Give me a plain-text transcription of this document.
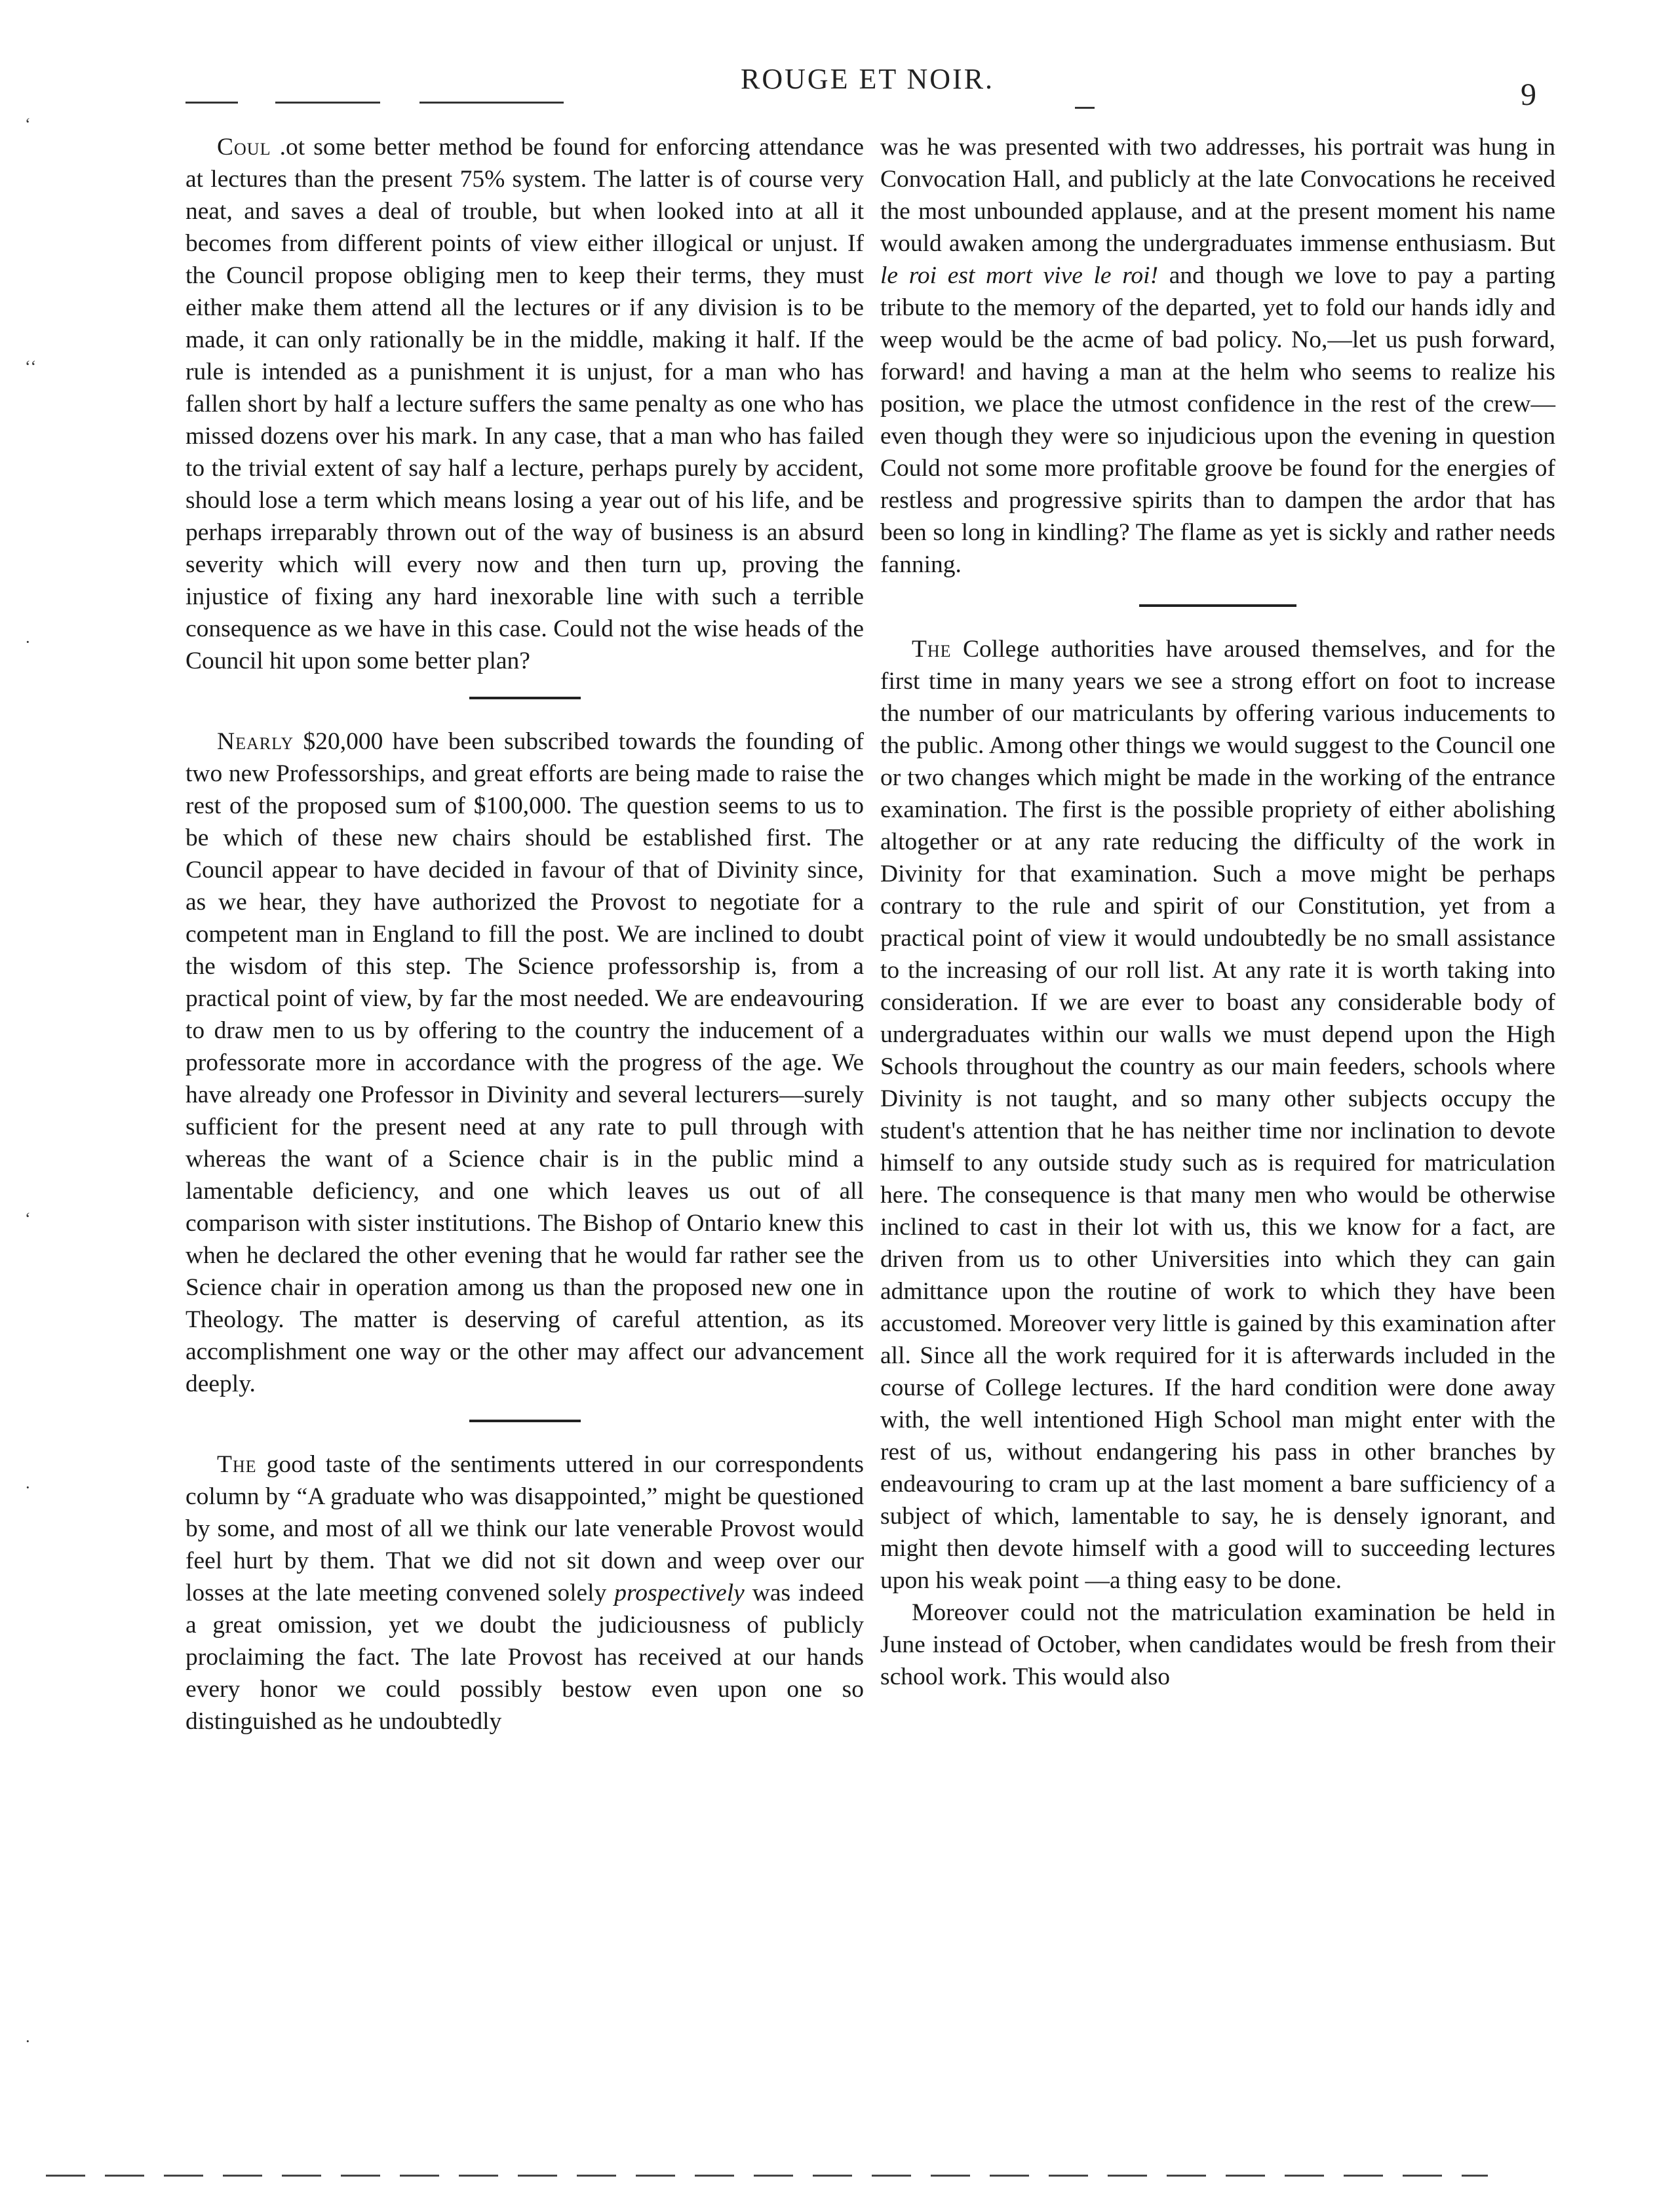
ROUGE ET NOIR.	9

Coul .ot some better method be found for enforcing attendance at lectures than the present 75% system. The latter is of course very neat, and saves a deal of trouble, but when looked into at all it becomes from different points of view either illogical or unjust. If the Council propose obliging men to keep their terms, they must either make them attend all the lectures or if any division is to be made, it can only rationally be in the middle, making it half. If the rule is intended as a punishment it is unjust, for a man who has fallen short by half a lecture suffers the same penalty as one who has missed dozens over his mark. In any case, that a man who has failed to the trivial extent of say half a lecture, perhaps purely by accident, should lose a term which means losing a year out of his life, and be perhaps irreparably thrown out of the way of business is an absurd severity which will every now and then turn up, proving the injustice of fixing any hard inexorable line with such a terrible consequence as we have in this case. Could not the wise heads of the Council hit upon some better plan?

Nearly $20,000 have been subscribed towards the founding of two new Professorships, and great efforts are being made to raise the rest of the proposed sum of $100,000. The question seems to us to be which of these new chairs should be established first. The Council appear to have decided in favour of that of Divinity since, as we hear, they have authorized the Provost to negotiate for a competent man in England to fill the post. We are inclined to doubt the wisdom of this step. The Science professorship is, from a practical point of view, by far the most needed. We are endeavouring to draw men to us by offering to the country the inducement of a professorate more in accordance with the progress of the age. We have already one Professor in Divinity and several lecturers—surely sufficient for the present need at any rate to pull through with whereas the want of a Science chair is in the public mind a lamentable deficiency, and one which leaves us out of all comparison with sister institutions. The Bishop of Ontario knew this when he declared the other evening that he would far rather see the Science chair in operation among us than the proposed new one in Theology. The matter is deserving of careful attention, as its accomplishment one way or the other may affect our advancement deeply.

The good taste of the sentiments uttered in our correspondents column by “A graduate who was disappointed,” might be questioned by some, and most of all we think our late venerable Provost would feel hurt by them. That we did not sit down and weep over our losses at the late meeting convened solely prospectively was indeed a great omission, yet we doubt the judiciousness of publicly proclaiming the fact. The late Provost has received at our hands every honor we could possibly bestow even upon one so distinguished as he undoubtedly

was he was presented with two addresses, his portrait was hung in Convocation Hall, and publicly at the late Convocations he received the most unbounded applause, and at the present moment his name would awaken among the undergraduates immense enthusiasm. But le roi est mort vive le roi! and though we love to pay a parting tribute to the memory of the departed, yet to fold our hands idly and weep would be the acme of bad policy. No,—let us push forward, forward! and having a man at the helm who seems to realize his position, we place the utmost confidence in the rest of the crew—even though they were so injudicious upon the evening in question Could not some more profitable groove be found for the energies of restless and progressive spirits than to dampen the ardor that has been so long in kindling? The flame as yet is sickly and rather needs fanning.

The College authorities have aroused themselves, and for the first time in many years we see a strong effort on foot to increase the number of our matriculants by offering various inducements to the public. Among other things we would suggest to the Council one or two changes which might be made in the working of the entrance examination. The first is the possible propriety of either abolishing altogether or at any rate reducing the difficulty of the work in Divinity for that examination. Such a move might be perhaps contrary to the rule and spirit of our Constitution, yet from a practical point of view it would undoubtedly be no small assistance to the increasing of our roll list. At any rate it is worth taking into consideration. If we are ever to boast any considerable body of undergraduates within our walls we must depend upon the High Schools throughout the country as our main feeders, schools where Divinity is not taught, and so many other subjects occupy the student's attention that he has neither time nor inclination to devote himself to any outside study such as is required for matriculation here. The consequence is that many men who would be otherwise inclined to cast in their lot with us, this we know for a fact, are driven from us to other Universities into which they can gain admittance upon the routine of work to which they have been accustomed. Moreover very little is gained by this examination after all. Since all the work required for it is afterwards included in the course of College lectures. If the hard condition were done away with, the well intentioned High School man might enter with the rest of us, without endangering his pass in other branches by endeavouring to cram up at the last moment a bare sufficiency of a subject of which, lamentable to say, he is densely ignorant, and might then devote himself with a good will to succeeding lectures upon his weak point —a thing easy to be done.

Moreover could not the matriculation examination be held in June instead of October, when candidates would be fresh from their school work. This would also

‘
ʻ‘
·
‘
·
·
